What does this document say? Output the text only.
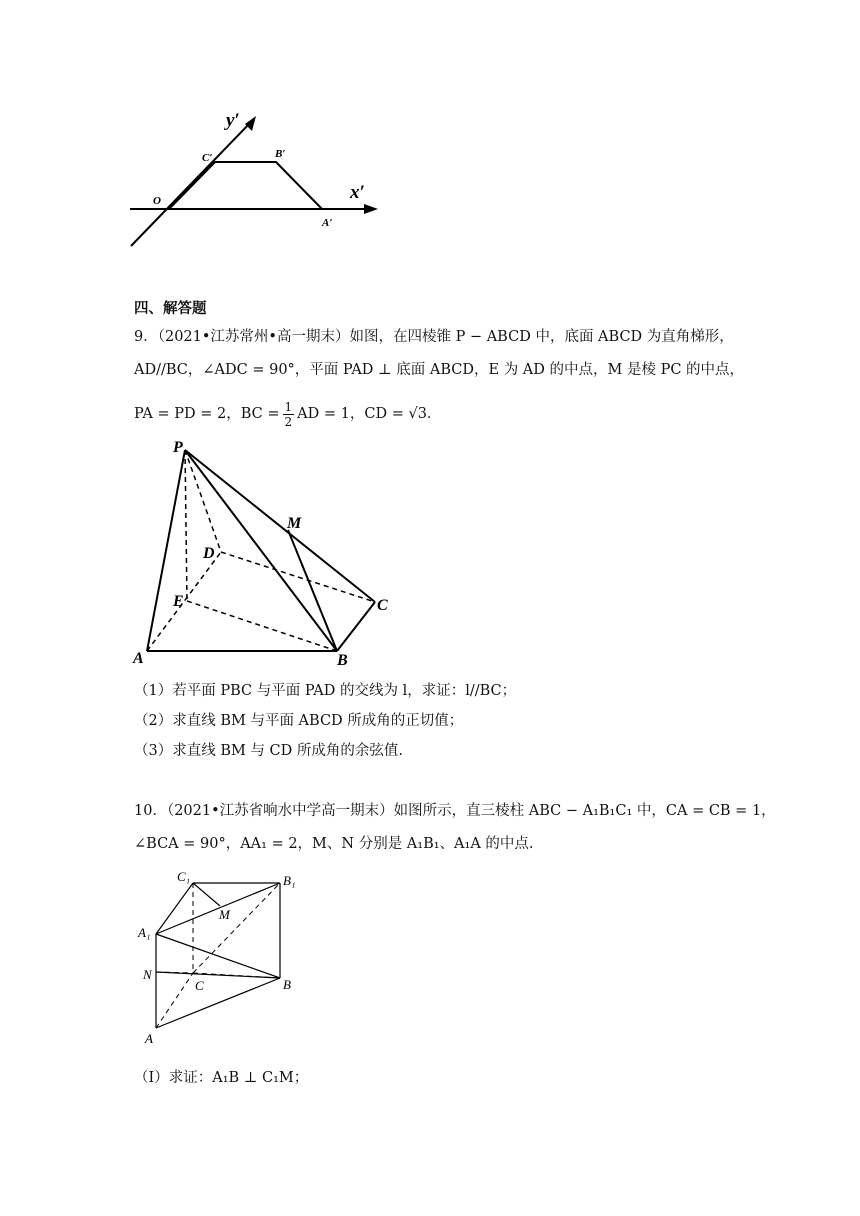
y′
x′
O
A′
B′
C′
四、解答题
9．（2021•江苏常州•高一期末）如图，在四棱锥 P − ABCD 中，底面 ABCD 为直角梯形，
AD//BC，∠ADC = 90°，平面 PAD ⊥ 底面 ABCD，E 为 AD 的中点，M 是棱 PC 的中点，
PA = PD = 2，BC = $\frac{1}{2}$ AD = 1，CD = √3．
P
M
D
E	C
A	B
（1）若平面 PBC 与平面 PAD 的交线为 l，求证：l//BC；
（2）求直线 BM 与平面 ABCD 所成角的正切值；
（3）求直线 BM 与 CD 所成角的余弦值.
10．（2021•江苏省响水中学高一期末）如图所示，直三棱柱 ABC − A₁B₁C₁ 中，CA = CB = 1，
∠BCA = 90°，AA₁ = 2，M、N 分别是 A₁B₁、A₁A 的中点.
C₁	B₁
M
A₁
N
C	B
A
（Ⅰ）求证：A₁B ⊥ C₁M；
